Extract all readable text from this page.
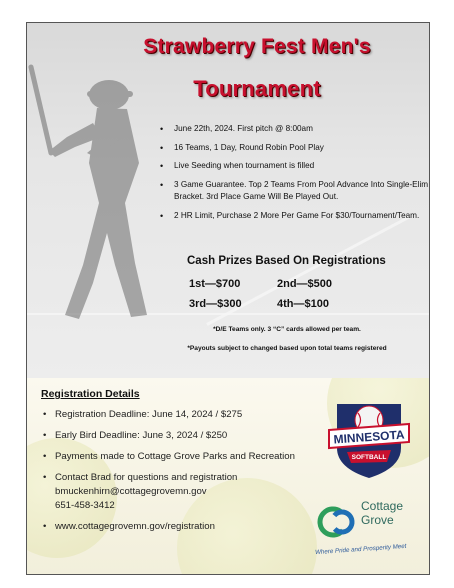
Strawberry Fest Men's
Tournament
• June 22th, 2024. First pitch @ 8:00am
• 16 Teams, 1 Day, Round Robin Pool Play
• Live Seeding when tournament is filled
• 3 Game Guarantee. Top 2 Teams From Pool Advance Into Single-Elim Bracket. 3rd Place Game Will Be Played Out.
• 2 HR Limit, Purchase 2 More Per Game For $30/Tournament/Team.
Cash Prizes Based On Registrations
1st—$700	2nd—$500
3rd—$300	4th—$100
*D/E Teams only. 3 “C” cards allowed per team.
*Payouts subject to changed based upon total teams registered
Registration Details
• Registration Deadline: June 14, 2024 / $275
• Early Bird Deadline: June 3, 2024 / $250
• Payments made to Cottage Grove Parks and Recreation
• Contact Brad for questions and registration
bmuckenhirn@cottagegrovemn.gov
651-458-3412
• www.cottagegrovemn.gov/registration
MINNESOTA
SOFTBALL
Cottage
Grove
Where Pride and Prosperity Meet
